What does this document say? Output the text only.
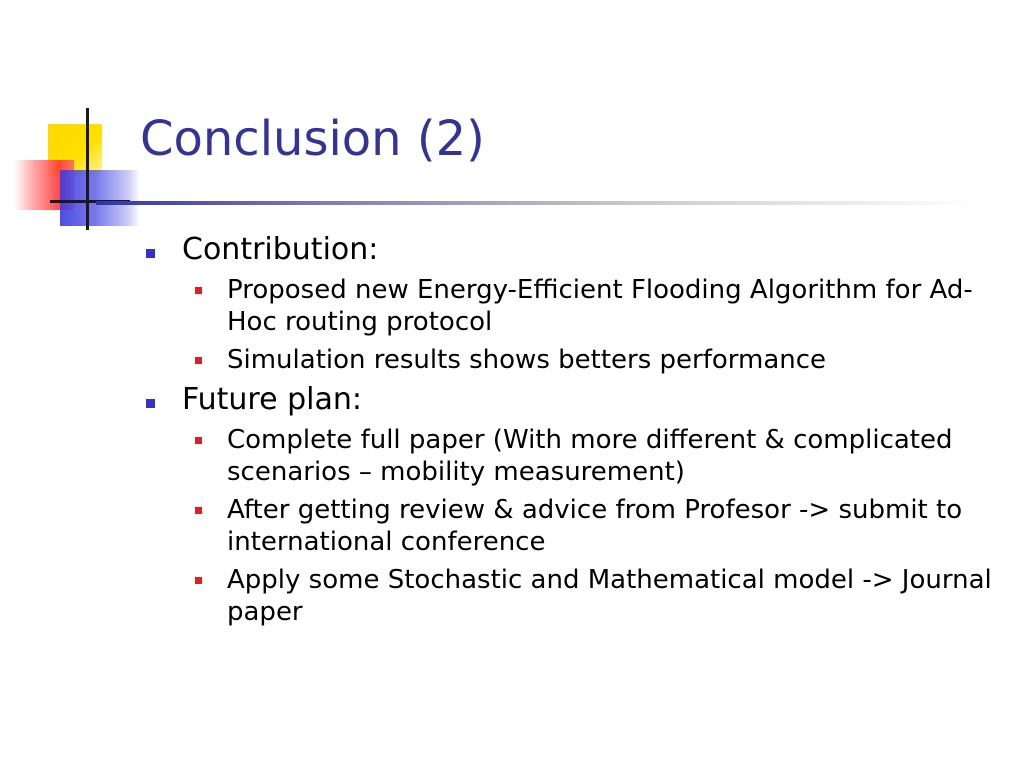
Conclusion (2)
Contribution:
Proposed new Energy-Efficient Flooding Algorithm for Ad-Hoc routing protocol
Simulation results shows betters performance
Future plan:
Complete full paper (With more different & complicated scenarios – mobility measurement)
After getting review & advice from Profesor -> submit to international conference
Apply some Stochastic and Mathematical model -> Journal paper
